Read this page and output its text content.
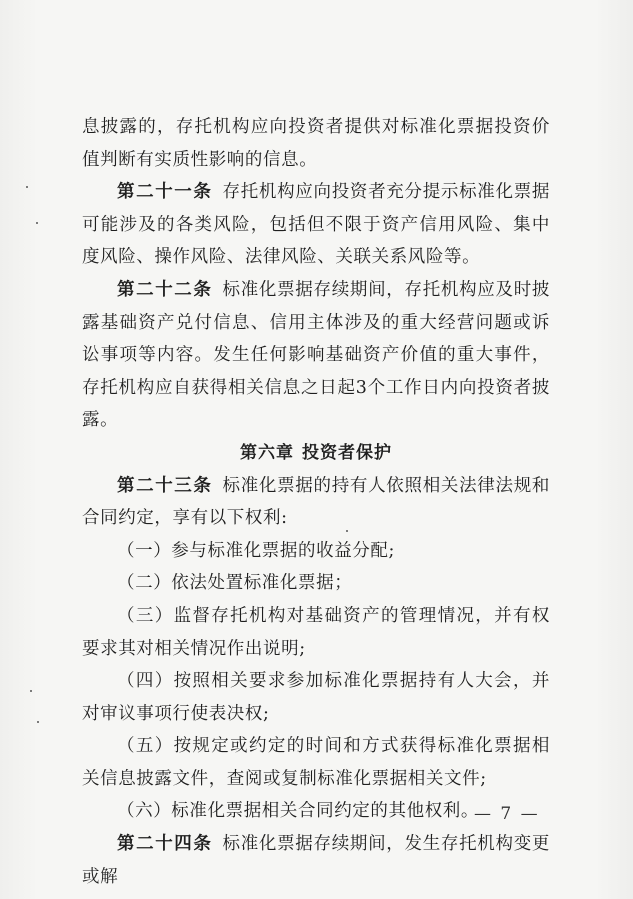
息披露的，存托机构应向投资者提供对标准化票据投资价值判断有实质性影响的信息。

第二十一条 存托机构应向投资者充分提示标准化票据可能涉及的各类风险，包括但不限于资产信用风险、集中度风险、操作风险、法律风险、关联关系风险等。

第二十二条 标准化票据存续期间，存托机构应及时披露基础资产兑付信息、信用主体涉及的重大经营问题或诉讼事项等内容。发生任何影响基础资产价值的重大事件，存托机构应自获得相关信息之日起3个工作日内向投资者披露。

第六章 投资者保护

第二十三条 标准化票据的持有人依照相关法律法规和合同约定，享有以下权利:

（一）参与标准化票据的收益分配;

（二）依法处置标准化票据；

（三）监督存托机构对基础资产的管理情况，并有权要求其对相关情况作出说明;

（四）按照相关要求参加标准化票据持有人大会，并对审议事项行使表决权;

（五）按规定或约定的时间和方式获得标准化票据相关信息披露文件，查阅或复制标准化票据相关文件;

（六）标准化票据相关合同约定的其他权利。

第二十四条 标准化票据存续期间，发生存托机构变更或解

— 7 —
